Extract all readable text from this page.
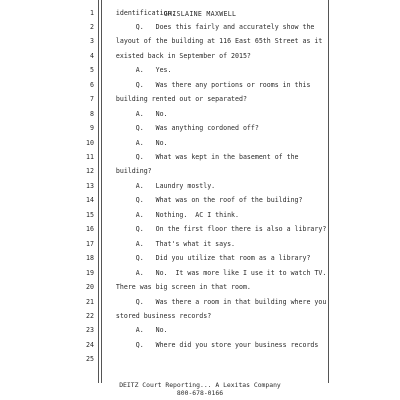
GHISLAINE MAXWELL
1 identification.
2 Q.   Does this fairly and accurately show the
3 layout of the building at 116 East 65th Street as it
4 existed back in September of 2015?
5 A.   Yes.
6 Q.   Was there any portions or rooms in this
7 building rented out or separated?
8 A.   No.
9 Q.   Was anything cordoned off?
10 A.   No.
11 Q.   What was kept in the basement of the
12 building?
13 A.   Laundry mostly.
14 Q.   What was on the roof of the building?
15 A.   Nothing.  AC I think.
16 Q.   On the first floor there is also a library?
17 A.   That's what it says.
18 Q.   Did you utilize that room as a library?
19 A.   No.  It was more like I use it to watch TV.
20 There was big screen in that room.
21 Q.   Was there a room in that building where you
22 stored business records?
23 A.   No.
24 Q.   Where did you store your business records
25
DEITZ Court Reporting... A Lexitas Company
800-678-0166
